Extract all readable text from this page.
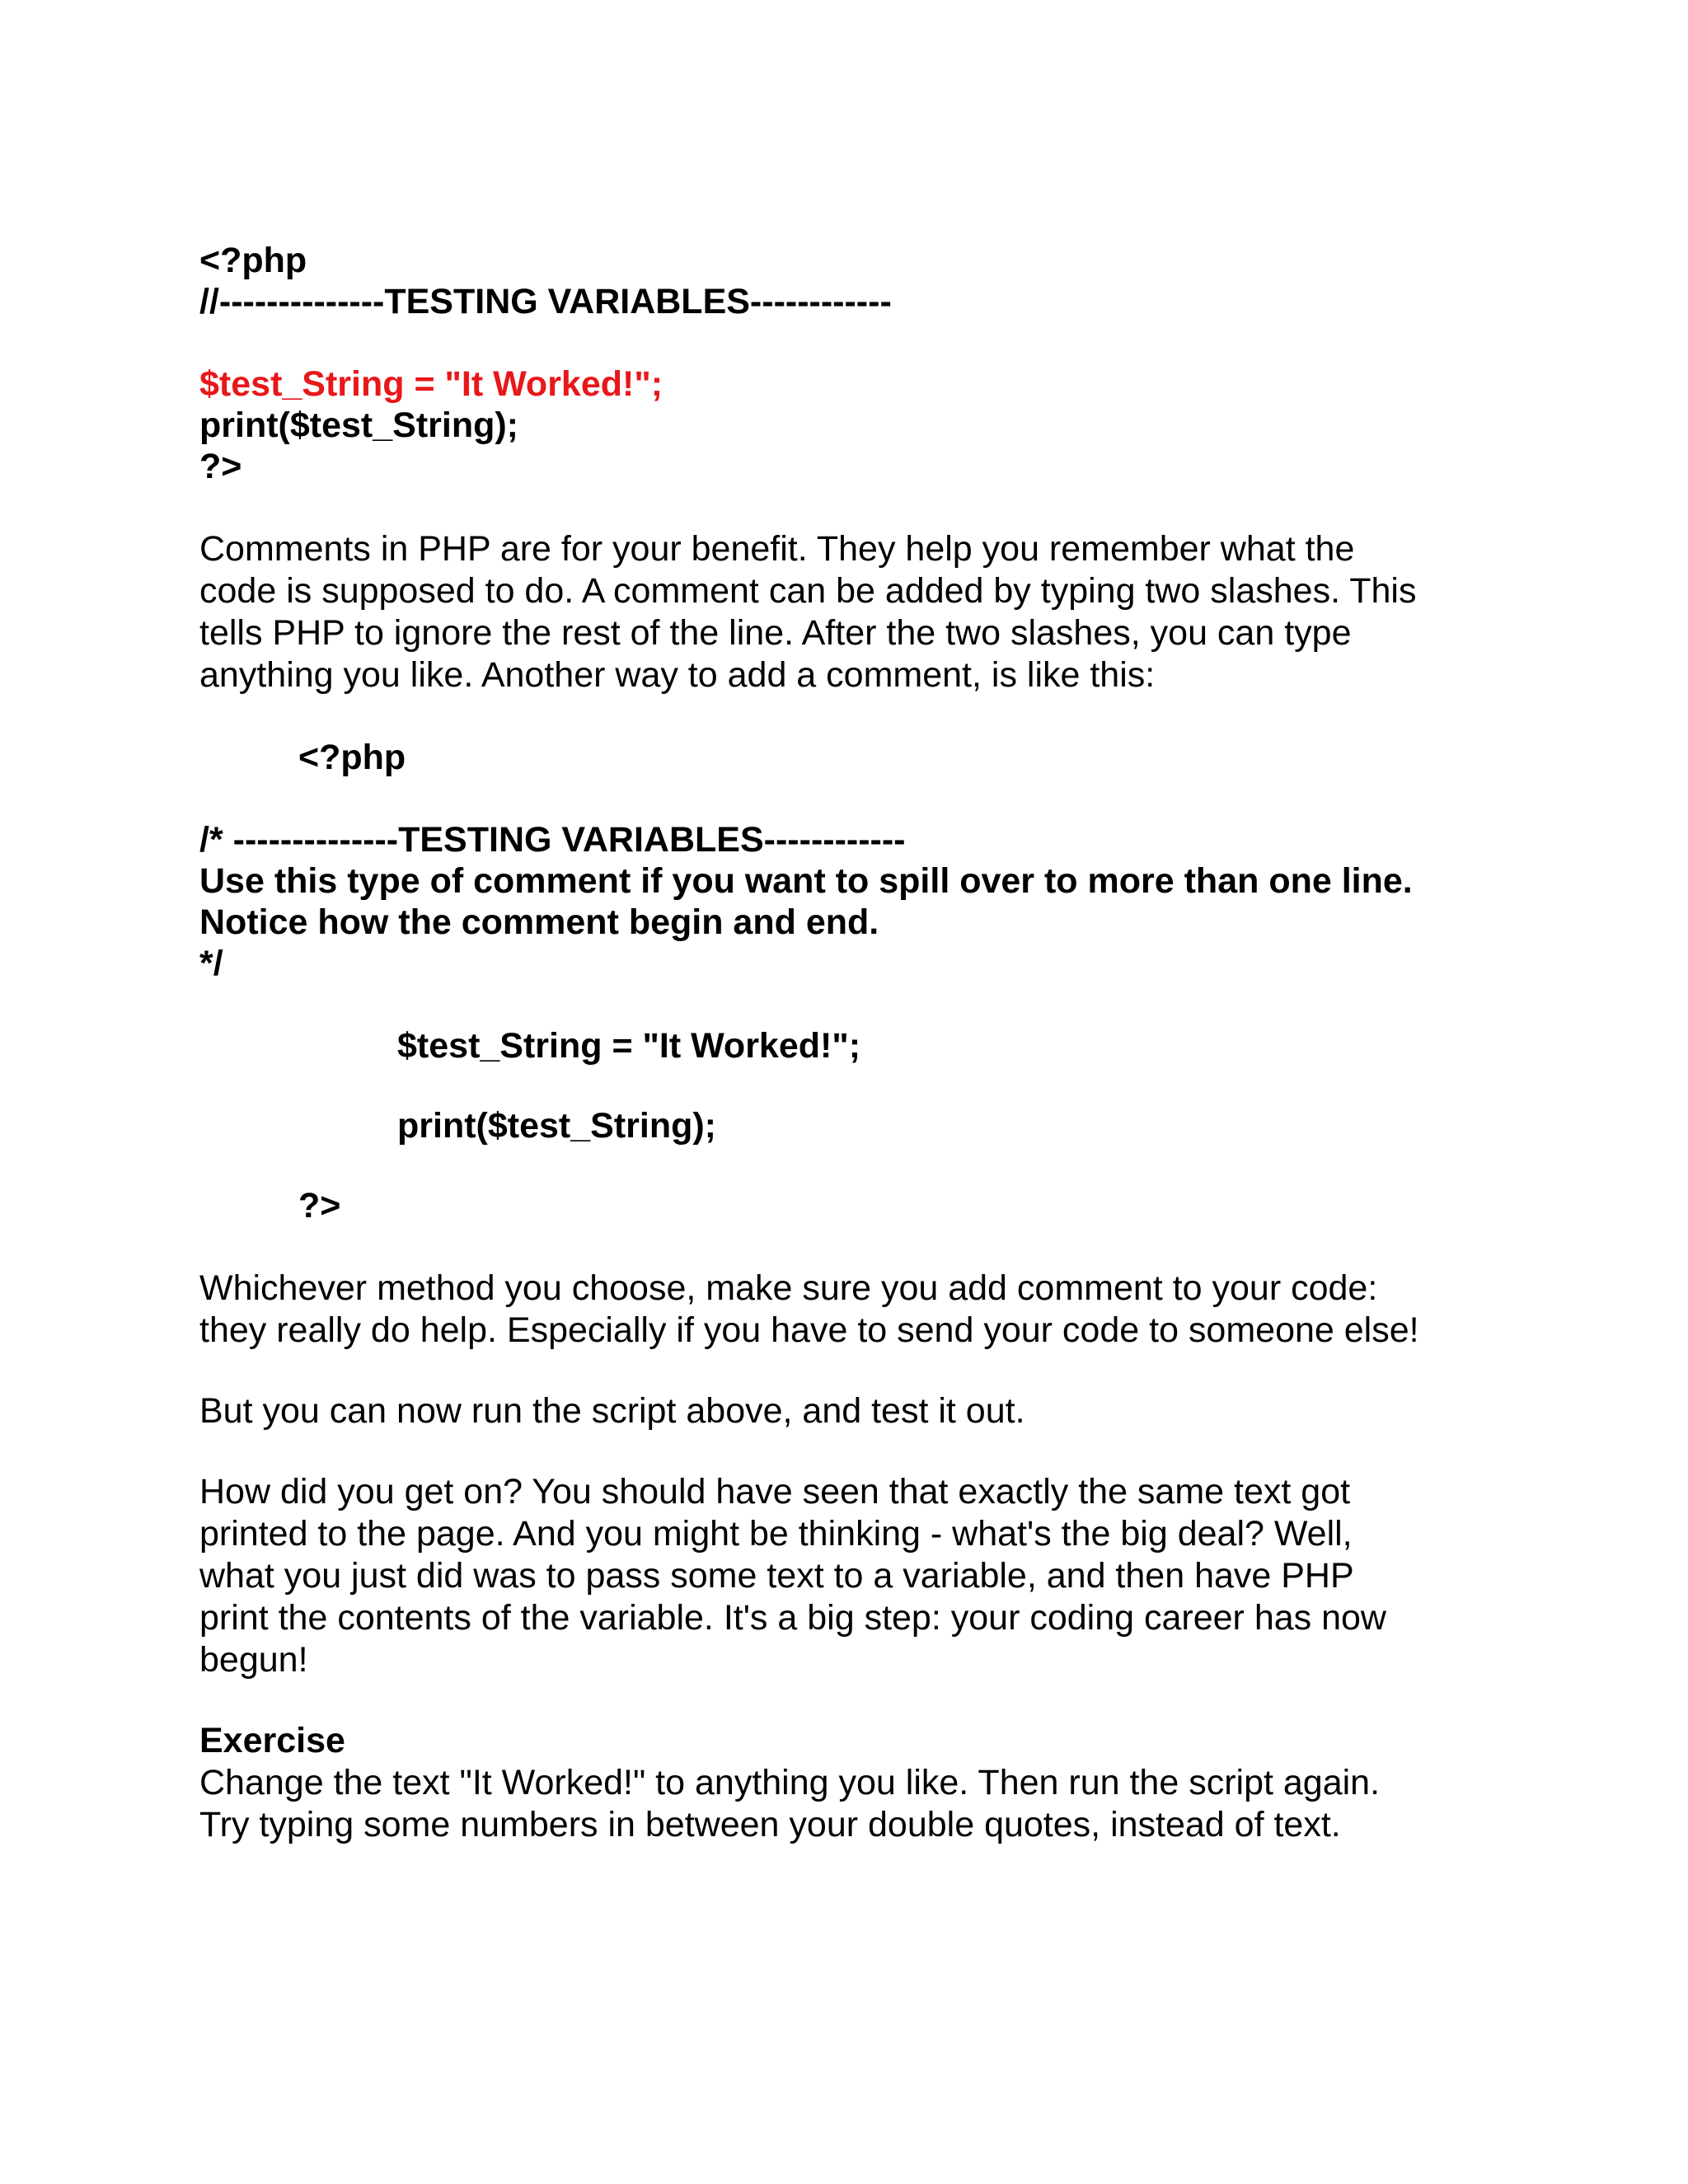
<?php

//--------------TESTING VARIABLES------------

$test_String = "It Worked!";

print($test_String);

?>

Comments in PHP are for your benefit. They help you remember what the

code is supposed to do. A comment can be added by typing two slashes. This

tells PHP to ignore the rest of the line. After the two slashes, you can type

anything you like. Another way to add a comment, is like this:

<?php

/* --------------TESTING VARIABLES------------

Use this type of comment if you want to spill over to more than one line.

Notice how the comment begin and end.

*/

$test_String = "It Worked!";

print($test_String);

?>

Whichever method you choose, make sure you add comment to your code:

they really do help. Especially if you have to send your code to someone else!

But you can now run the script above, and test it out.

How did you get on? You should have seen that exactly the same text got

printed to the page. And you might be thinking - what's the big deal? Well,

what you just did was to pass some text to a variable, and then have PHP

print the contents of the variable. It's a big step: your coding career has now

begun!

Exercise

Change the text "It Worked!" to anything you like. Then run the script again.

Try typing some numbers in between your double quotes, instead of text.
